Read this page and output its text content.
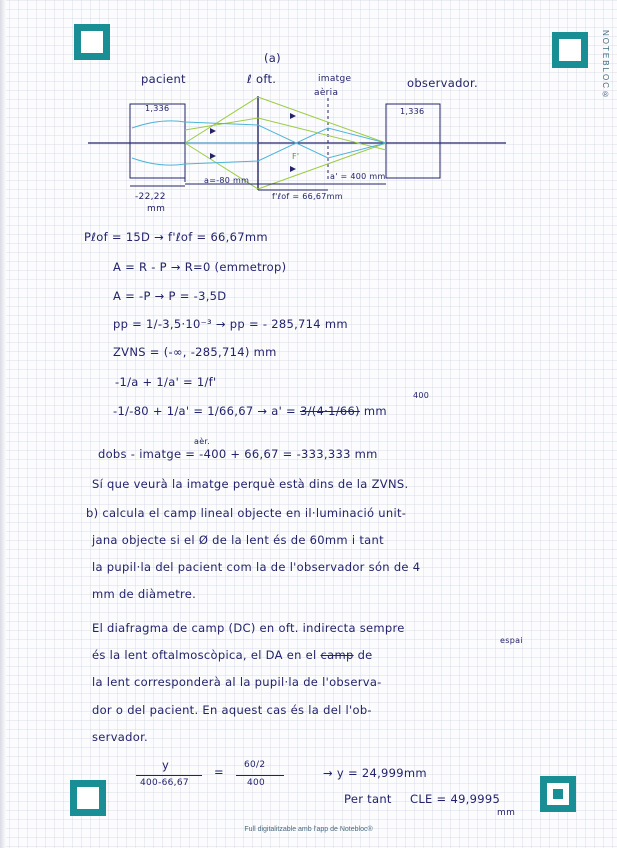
NOTEBLOC®
(a)
pacient	ℓ oft.	imatge
aèria
observador.
1,336	1,336
F'
a=-80 mm	a' = 400 mm
-22,22
mm
f'ℓof = 66,67mm
Pℓof = 15D → f'ℓof = 66,67mm
A = R - P → R=0 (emmetrop)
A = -P → P = -3,5D
pp = 1/-3,5·10⁻³ → pp = - 285,714 mm
ZVNS = (-∞, -285,714) mm
-1/a + 1/a' = 1/f'
400
-1/-80 + 1/a' = 1/66,67 → a' = 3/(4·1/66) mm
aèr.
dobs - imatge = -400 + 66,67 = -333,333 mm
Sí que veurà la imatge perquè està dins de la ZVNS.
b) calcula el camp lineal objecte en il·luminació unit-
jana objecte si el Ø de la lent és de 60mm i tant
la pupil·la del pacient com la de l'observador són de 4
mm de diàmetre.
El diafragma de camp (DC) en oft. indirecta sempre
espai
és la lent oftalmoscòpica, el DA en el camp de
la lent corresponderà al la pupil·la de l'observa-
dor o del pacient. En aquest cas és la del l'ob-
servador.
y
400-66,67
= 60/2
400
→ y = 24,999mm
Per tant CLE = 49,9995
mm
Full digitalitzable amb l'app de Notebloc®
